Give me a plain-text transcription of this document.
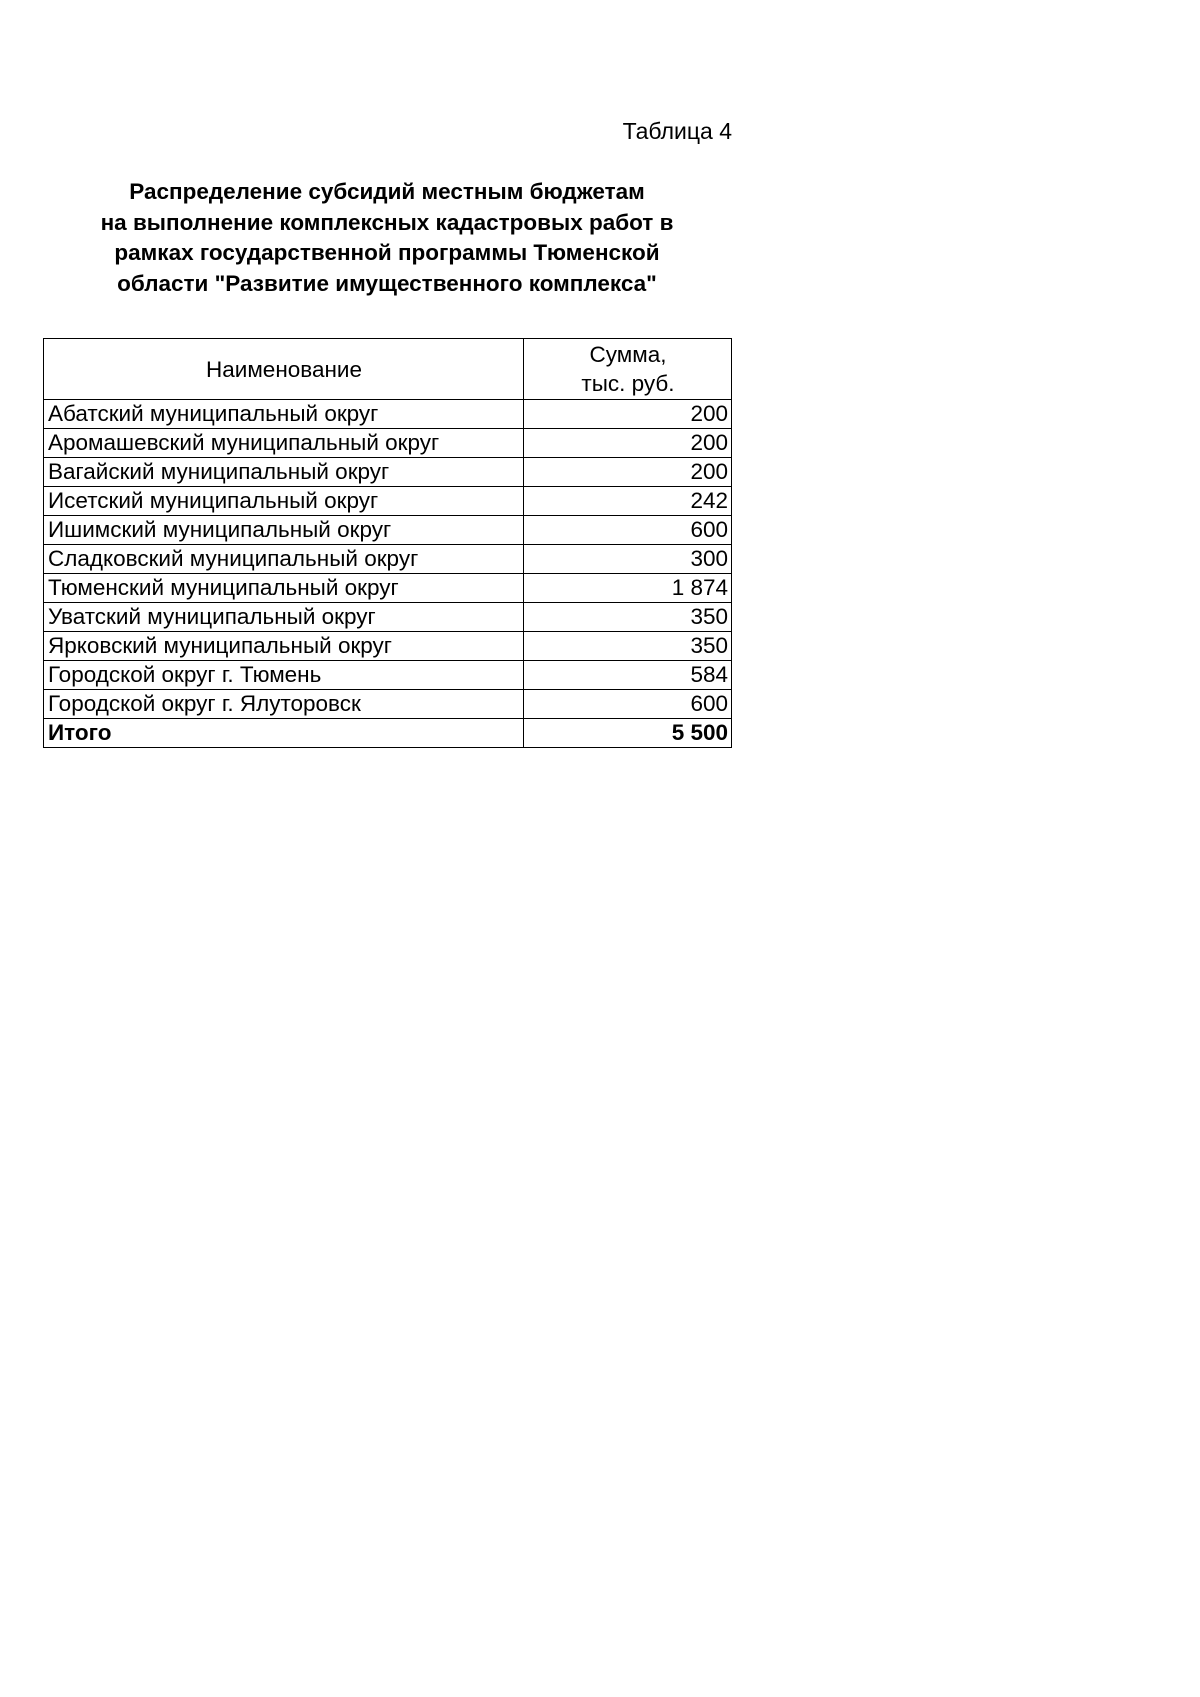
Таблица 4
Распределение субсидий местным бюджетам
на выполнение комплексных кадастровых работ в
рамках государственной программы Тюменской
области "Развитие имущественного комплекса"
Наименование	Сумма,
тыс. руб.

Абатский муниципальный округ	200
Аромашевский муниципальный округ	200
Вагайский муниципальный округ	200
Исетский муниципальный округ	242
Ишимский муниципальный округ	600
Сладковский муниципальный округ	300
Тюменский муниципальный округ	1 874
Уватский муниципальный округ	350
Ярковский муниципальный округ	350
Городской округ г. Тюмень	584
Городской округ г. Ялуторовск	600
Итого	5 500
